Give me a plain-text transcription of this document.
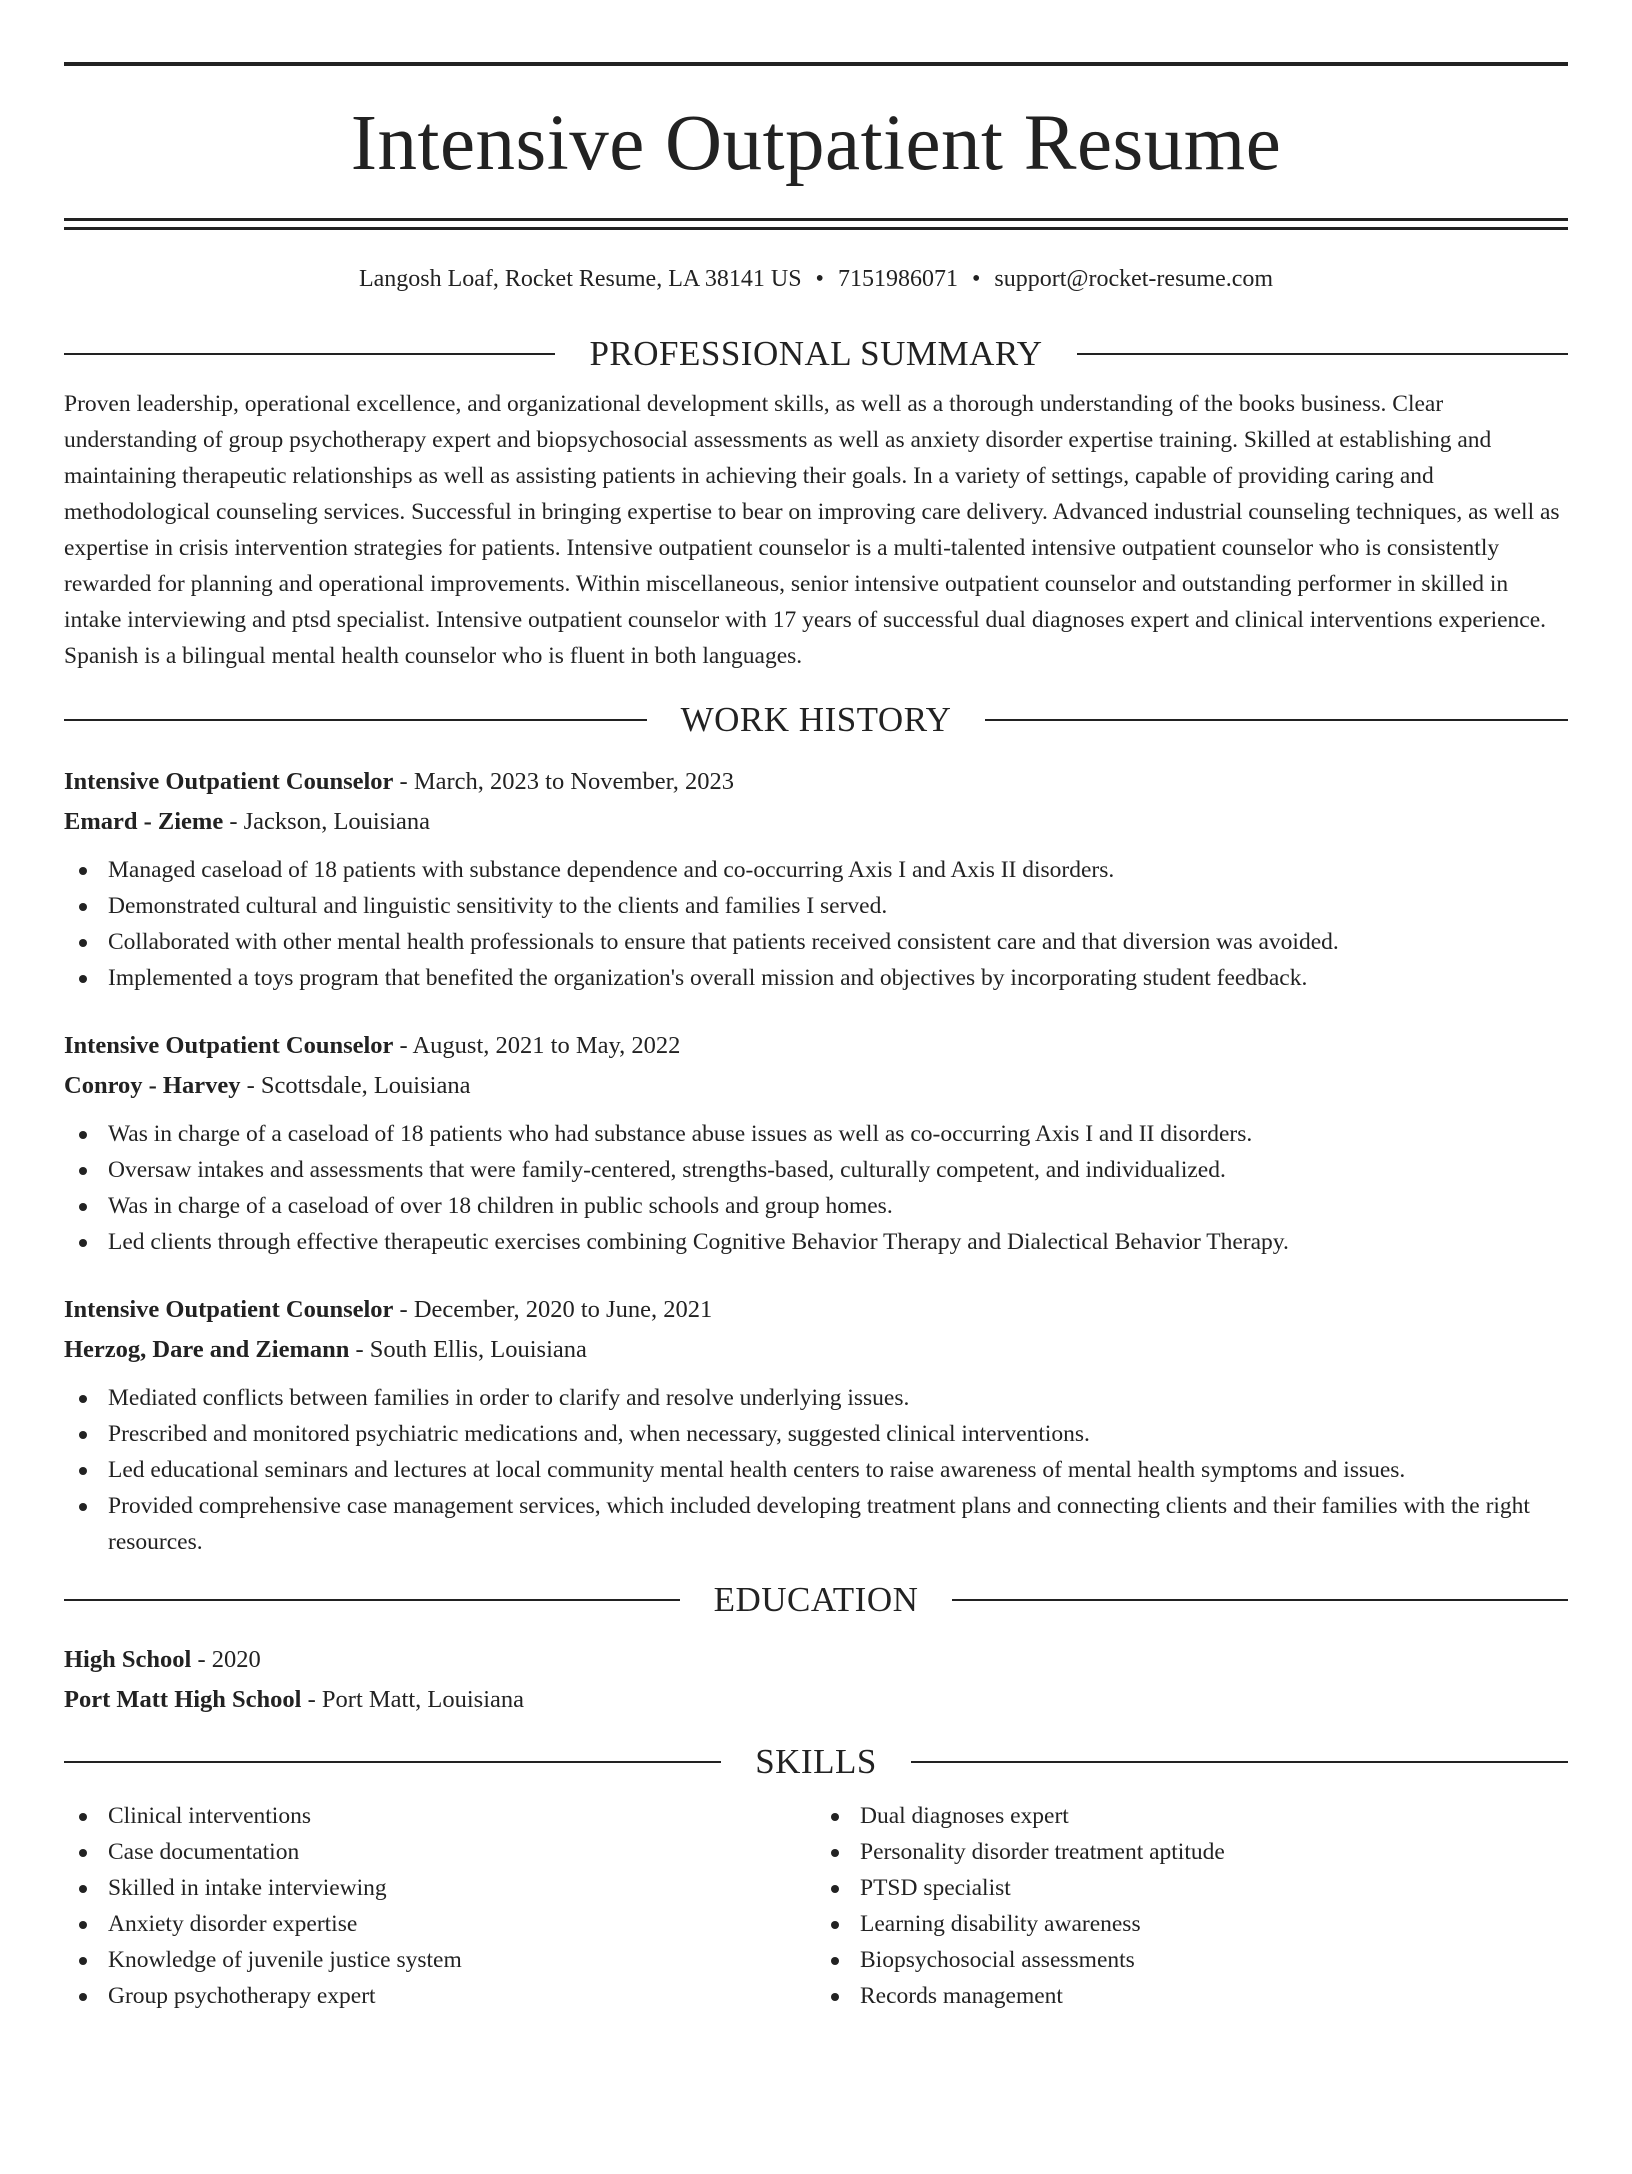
Intensive Outpatient Resume
Langosh Loaf, Rocket Resume, LA 38141 US • 7151986071 • support@rocket-resume.com
PROFESSIONAL SUMMARY

Proven leadership, operational excellence, and organizational development skills, as well as a thorough understanding of the books business. Clear understanding of group psychotherapy expert and biopsychosocial assessments as well as anxiety disorder expertise training. Skilled at establishing and maintaining therapeutic relationships as well as assisting patients in achieving their goals. In a variety of settings, capable of providing caring and methodological counseling services. Successful in bringing expertise to bear on improving care delivery. Advanced industrial counseling techniques, as well as expertise in crisis intervention strategies for patients. Intensive outpatient counselor is a multi-talented intensive outpatient counselor who is consistently rewarded for planning and operational improvements. Within miscellaneous, senior intensive outpatient counselor and outstanding performer in skilled in intake interviewing and ptsd specialist. Intensive outpatient counselor with 17 years of successful dual diagnoses expert and clinical interventions experience. Spanish is a bilingual mental health counselor who is fluent in both languages.

WORK HISTORY
Intensive Outpatient Counselor - March, 2023 to November, 2023
Emard - Zieme - Jackson, Louisiana
Managed caseload of 18 patients with substance dependence and co-occurring Axis I and Axis II disorders.
Demonstrated cultural and linguistic sensitivity to the clients and families I served.
Collaborated with other mental health professionals to ensure that patients received consistent care and that diversion was avoided.
Implemented a toys program that benefited the organization's overall mission and objectives by incorporating student feedback.
Intensive Outpatient Counselor - August, 2021 to May, 2022
Conroy - Harvey - Scottsdale, Louisiana
Was in charge of a caseload of 18 patients who had substance abuse issues as well as co-occurring Axis I and II disorders.
Oversaw intakes and assessments that were family-centered, strengths-based, culturally competent, and individualized.
Was in charge of a caseload of over 18 children in public schools and group homes.
Led clients through effective therapeutic exercises combining Cognitive Behavior Therapy and Dialectical Behavior Therapy.
Intensive Outpatient Counselor - December, 2020 to June, 2021
Herzog, Dare and Ziemann - South Ellis, Louisiana
Mediated conflicts between families in order to clarify and resolve underlying issues.
Prescribed and monitored psychiatric medications and, when necessary, suggested clinical interventions.
Led educational seminars and lectures at local community mental health centers to raise awareness of mental health symptoms and issues.
Provided comprehensive case management services, which included developing treatment plans and connecting clients and their families with the right resources.
EDUCATION
High School - 2020
Port Matt High School - Port Matt, Louisiana
SKILLS
Clinical interventions
Case documentation
Skilled in intake interviewing
Anxiety disorder expertise
Knowledge of juvenile justice system
Group psychotherapy expert
Dual diagnoses expert
Personality disorder treatment aptitude
PTSD specialist
Learning disability awareness
Biopsychosocial assessments
Records management
